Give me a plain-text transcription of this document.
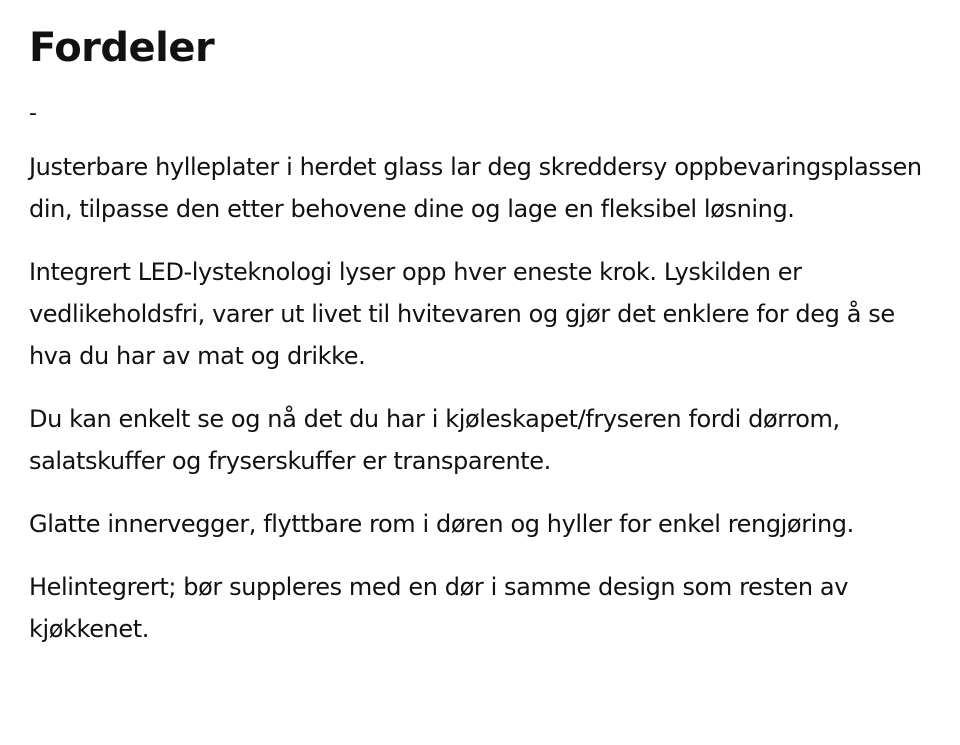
Fordeler
-

Justerbare hylleplater i herdet glass lar deg skreddersy oppbevaringsplassen din, tilpasse den etter behovene dine og lage en fleksibel løsning.

Integrert LED-lysteknologi lyser opp hver eneste krok. Lyskilden er vedlikeholdsfri, varer ut livet til hvitevaren og gjør det enklere for deg å se hva du har av mat og drikke.

Du kan enkelt se og nå det du har i kjøleskapet/fryseren fordi dørrom, salatskuffer og fryserskuffer er transparente.

Glatte innervegger, flyttbare rom i døren og hyller for enkel rengjøring.

Helintegrert; bør suppleres med en dør i samme design som resten av kjøkkenet.
